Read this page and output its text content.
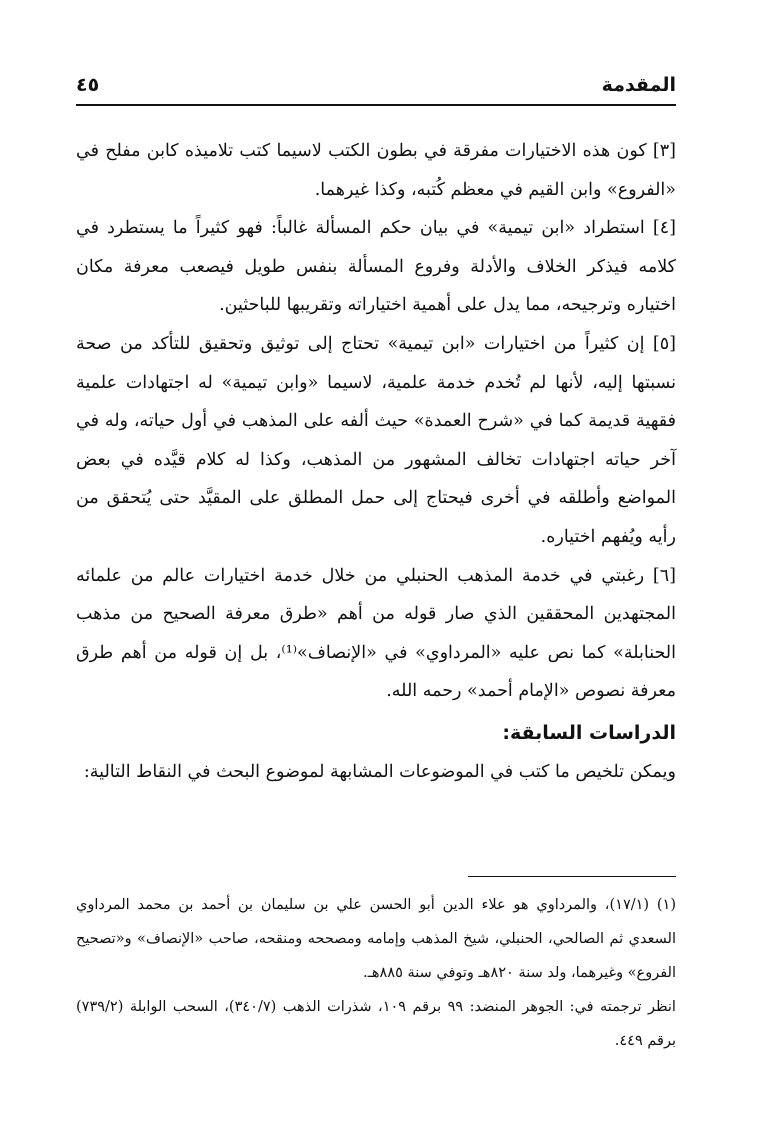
المقدمة
٤٥

[٣] كون هذه الاختيارات مفرقة في بطون الكتب لاسيما كتب تلاميذه كابن مفلح في «الفروع» وابن القيم في معظم كُتبه، وكذا غيرهما.

[٤] استطراد «ابن تيمية» في بيان حكم المسألة غالباً: فهو كثيراً ما يستطرد في كلامه فيذكر الخلاف والأدلة وفروع المسألة بنفس طويل فيصعب معرفة مكان اختياره وترجيحه، مما يدل على أهمية اختياراته وتقريبها للباحثين.

[٥] إن كثيراً من اختيارات «ابن تيمية» تحتاج إلى توثيق وتحقيق للتأكد من صحة نسبتها إليه، لأنها لم تُخدم خدمة علمية، لاسيما «وابن تيمية» له اجتهادات علمية فقهية قديمة كما في «شرح العمدة» حيث ألفه على المذهب في أول حياته، وله في آخر حياته اجتهادات تخالف المشهور من المذهب، وكذا له كلام قيَّده في بعض المواضع وأطلقه في أخرى فيحتاج إلى حمل المطلق على المقيَّد حتى يُتحقق من رأيه ويُفهم اختياره.

[٦] رغبتي في خدمة المذهب الحنبلي من خلال خدمة اختيارات عالم من علمائه المجتهدين المحققين الذي صار قوله من أهم «طرق معرفة الصحيح من مذهب الحنابلة» كما نص عليه «المرداوي» في «الإنصاف»⁽¹⁾، بل إن قوله من أهم طرق معرفة نصوص «الإمام أحمد» رحمه الله.

الدراسات السابقة:

ويمكن تلخيص ما كتب في الموضوعات المشابهة لموضوع البحث في النقاط التالية:

(١) (١٧/١)، والمرداوي هو علاء الدين أبو الحسن علي بن سليمان بن أحمد بن محمد المرداوي السعدي ثم الصالحي، الحنبلي، شيخ المذهب وإمامه ومصححه ومنقحه، صاحب «الإنصاف» و«تصحيح الفروع» وغيرهما، ولد سنة ٨٢٠هـ وتوفي سنة ٨٨٥هـ.

انظر ترجمته في: الجوهر المنضد: ٩٩ برقم ١٠٩، شذرات الذهب (٣٤٠/٧)، السحب الوابلة (٧٣٩/٢) برقم ٤٤٩.
